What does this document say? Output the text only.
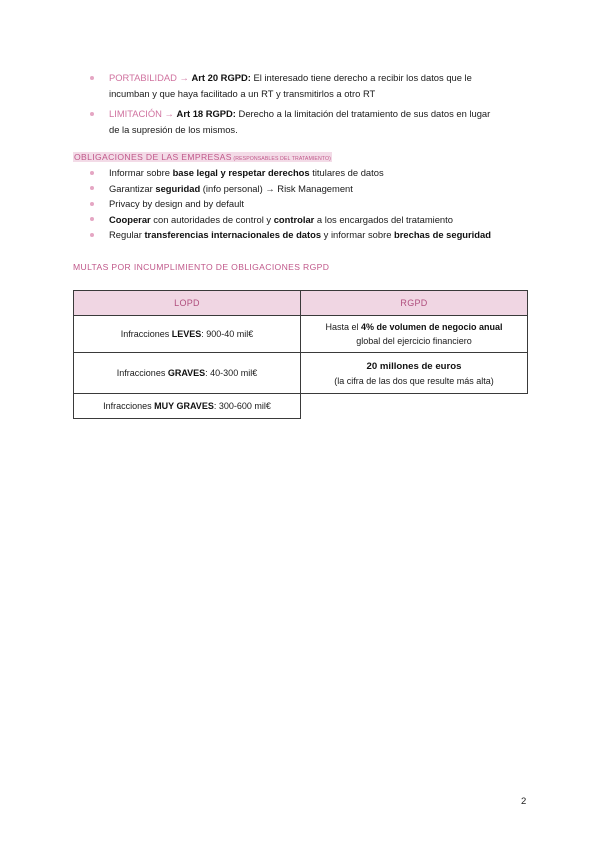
PORTABILIDAD → Art 20 RGPD: El interesado tiene derecho a recibir los datos que le
incumban y que haya facilitado a un RT y transmitirlos a otro RT
LIMITACIÓN → Art 18 RGPD: Derecho a la limitación del tratamiento de sus datos en lugar
de la supresión de los mismos.
OBLIGACIONES DE LAS EMPRESAS (RESPONSABLES DEL TRATAMIENTO)
Informar sobre base legal y respetar derechos titulares de datos
Garantizar seguridad (info personal) → Risk Management
Privacy by design and by default
Cooperar con autoridades de control y controlar a los encargados del tratamiento
Regular transferencias internacionales de datos y informar sobre brechas de seguridad
MULTAS POR INCUMPLIMIENTO DE OBLIGACIONES RGPD
LOPD	RGPD
Infracciones LEVES: 900-40 mil€	Hasta el 4% de volumen de negocio anual
global del ejercicio financiero
Infracciones GRAVES: 40-300 mil€	20 millones de euros
(la cifra de las dos que resulte más alta)
Infracciones MUY GRAVES: 300-600 mil€	
2
